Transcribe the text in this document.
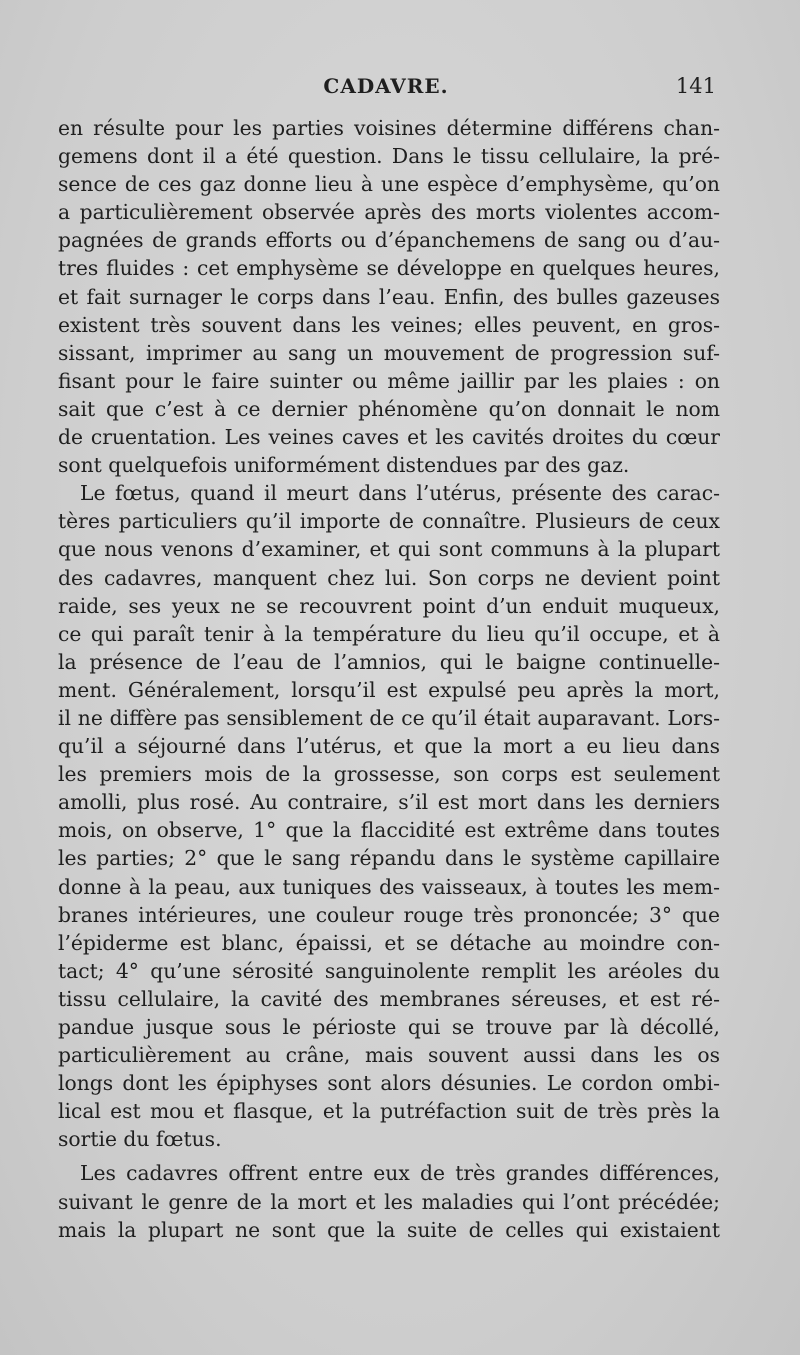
CADAVRE.	141
en résulte pour les parties voisines détermine différens chan-
gemens dont il a été question. Dans le tissu cellulaire, la pré-
sence de ces gaz donne lieu à une espèce d’emphysème, qu’on
a particulièrement observée après des morts violentes accom-
pagnées de grands efforts ou d’épanchemens de sang ou d’au-
tres fluides : cet emphysème se développe en quelques heures,
et fait surnager le corps dans l’eau. Enfin, des bulles gazeuses
existent très souvent dans les veines; elles peuvent, en gros-
sissant, imprimer au sang un mouvement de progression suf-
fisant pour le faire suinter ou même jaillir par les plaies : on
sait que c’est à ce dernier phénomène qu’on donnait le nom
de cruentation. Les veines caves et les cavités droites du cœur
sont quelquefois uniformément distendues par des gaz.
Le fœtus, quand il meurt dans l’utérus, présente des carac-
tères particuliers qu’il importe de connaître. Plusieurs de ceux
que nous venons d’examiner, et qui sont communs à la plupart
des cadavres, manquent chez lui. Son corps ne devient point
raide, ses yeux ne se recouvrent point d’un enduit muqueux,
ce qui paraît tenir à la température du lieu qu’il occupe, et à
la présence de l’eau de l’amnios, qui le baigne continuelle-
ment. Généralement, lorsqu’il est expulsé peu après la mort,
il ne diffère pas sensiblement de ce qu’il était auparavant. Lors-
qu’il a séjourné dans l’utérus, et que la mort a eu lieu dans
les premiers mois de la grossesse, son corps est seulement
amolli, plus rosé. Au contraire, s’il est mort dans les derniers
mois, on observe, 1° que la flaccidité est extrême dans toutes
les parties; 2° que le sang répandu dans le système capillaire
donne à la peau, aux tuniques des vaisseaux, à toutes les mem-
branes intérieures, une couleur rouge très prononcée; 3° que
l’épiderme est blanc, épaissi, et se détache au moindre con-
tact; 4° qu’une sérosité sanguinolente remplit les aréoles du
tissu cellulaire, la cavité des membranes séreuses, et est ré-
pandue jusque sous le périoste qui se trouve par là décollé,
particulièrement au crâne, mais souvent aussi dans les os
longs dont les épiphyses sont alors désunies. Le cordon ombi-
lical est mou et flasque, et la putréfaction suit de très près la
sortie du fœtus.
Les cadavres offrent entre eux de très grandes différences,
suivant le genre de la mort et les maladies qui l’ont précédée;
mais la plupart ne sont que la suite de celles qui existaient
